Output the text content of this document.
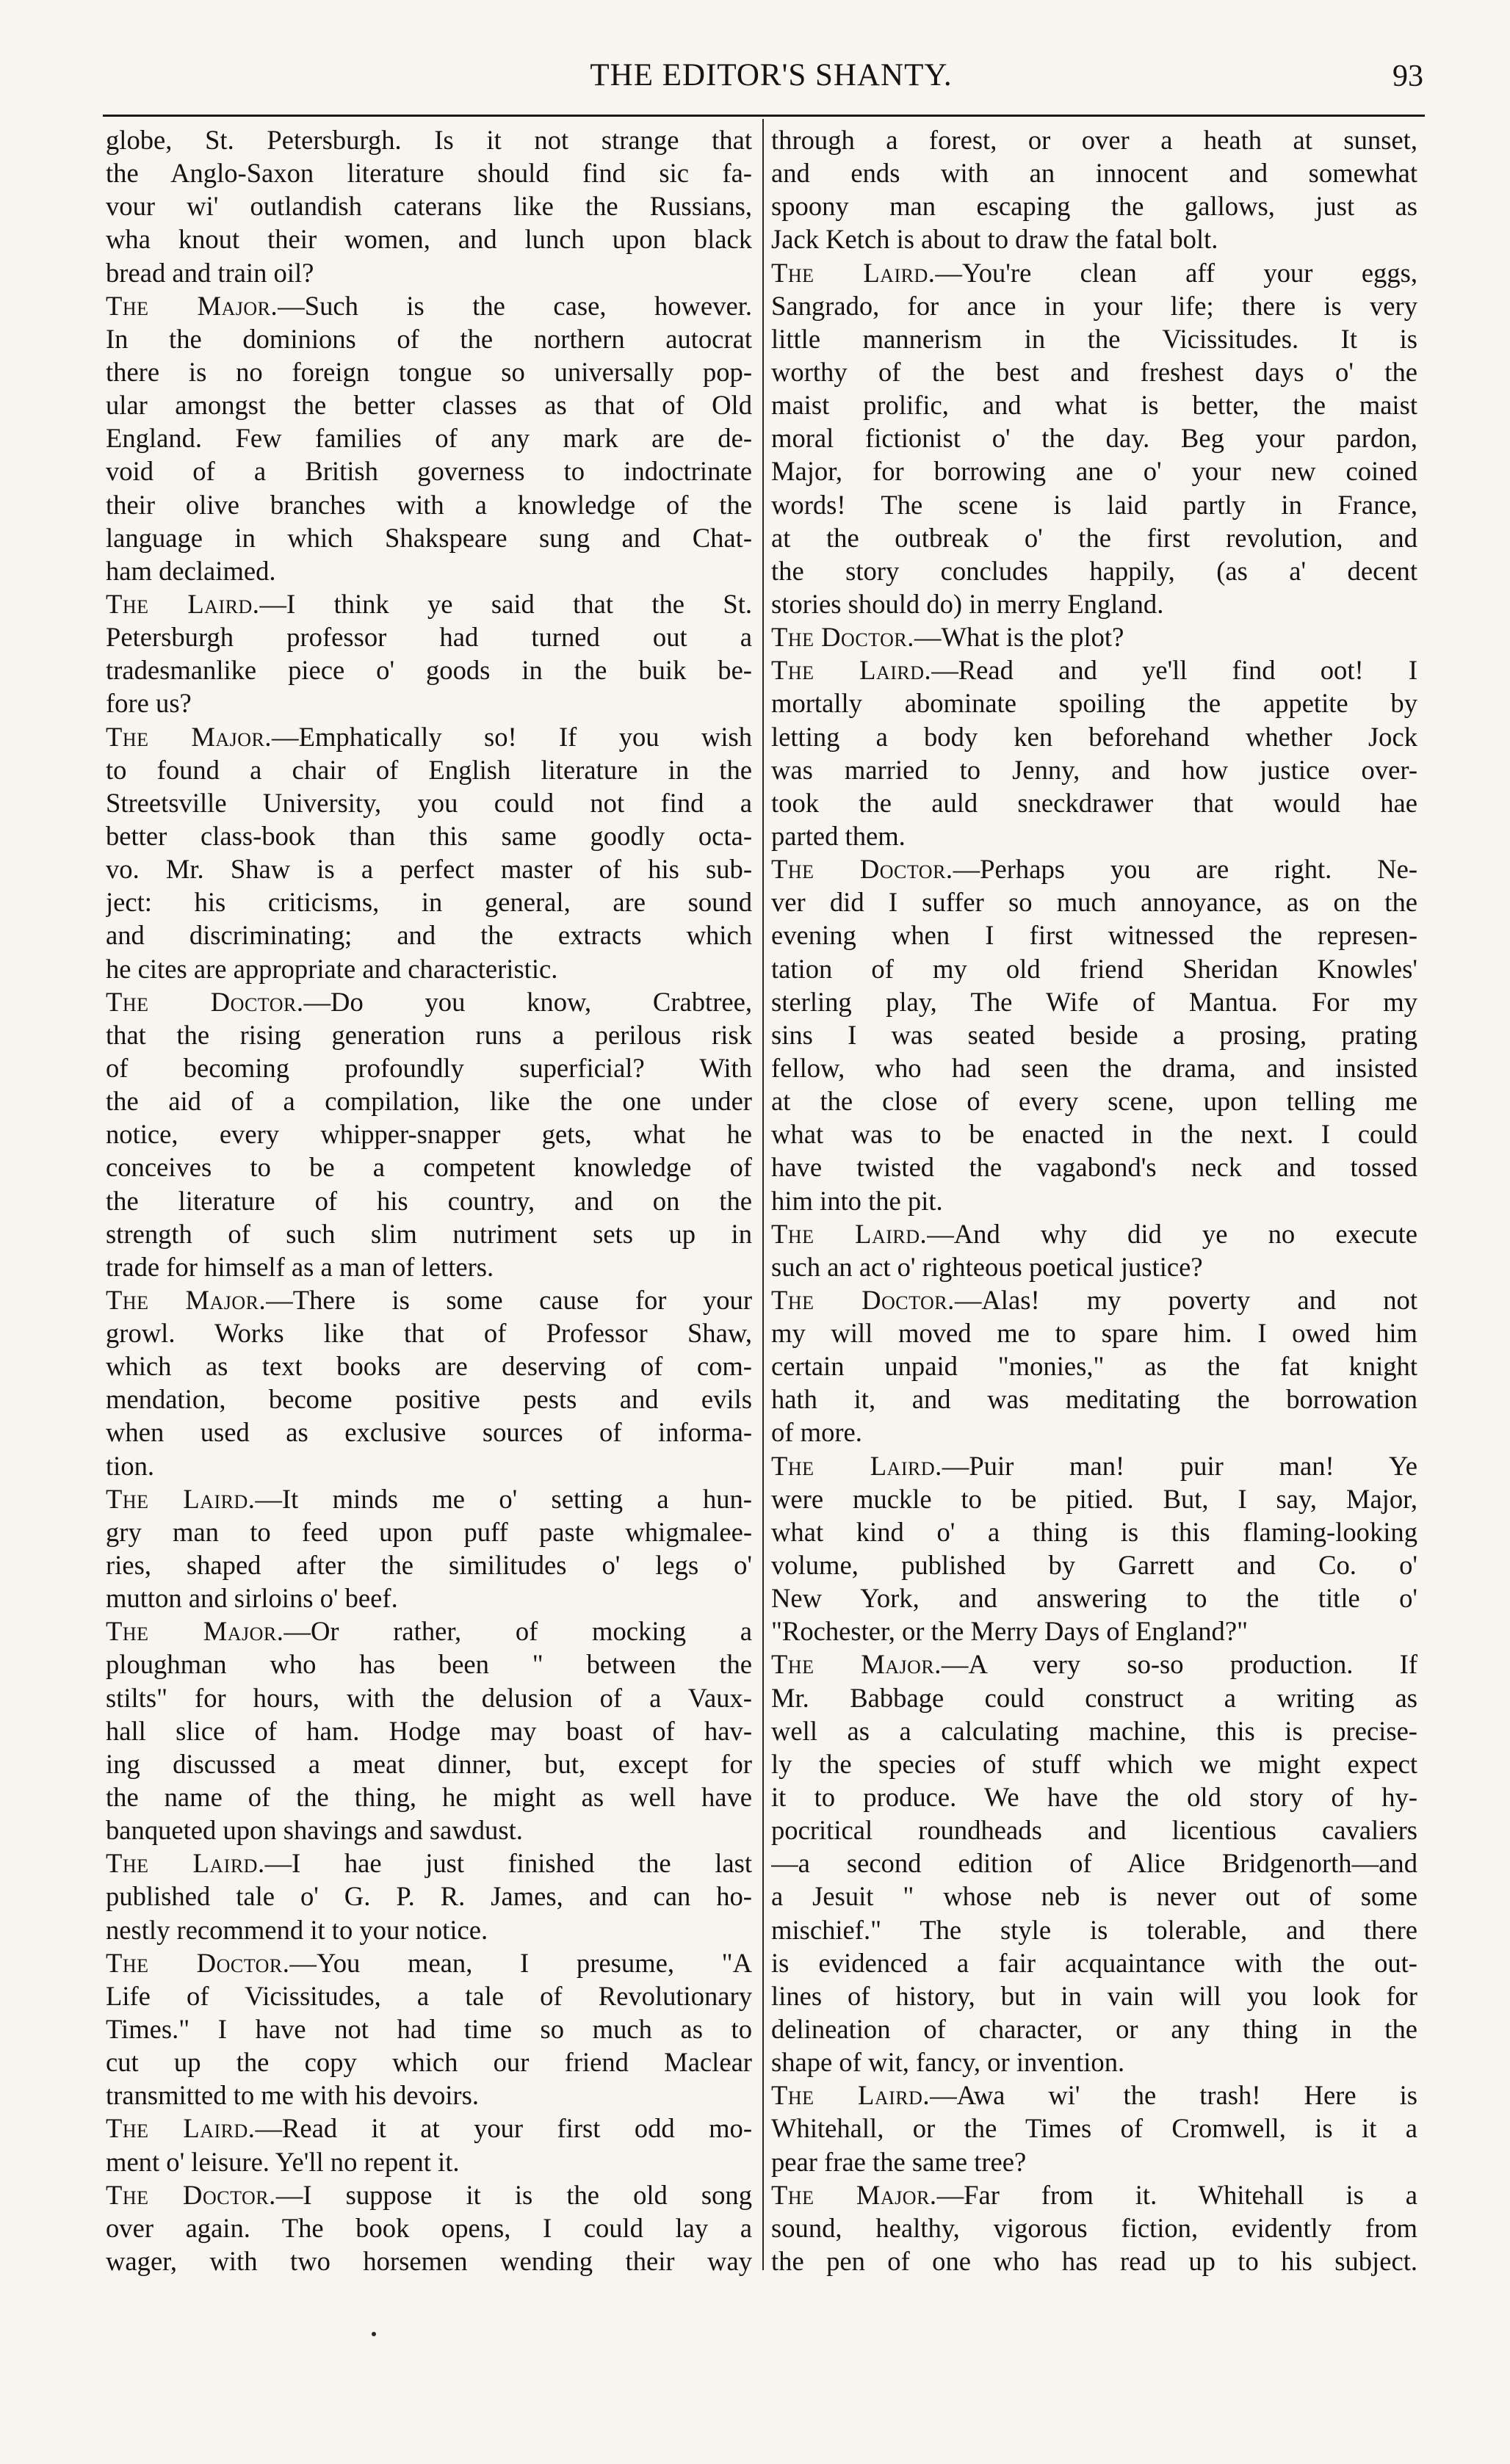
THE EDITOR'S SHANTY.	93
globe, St. Petersburgh. Is it not strange that
the Anglo-Saxon literature should find sic fa-
vour wi' outlandish caterans like the Russians,
wha knout their women, and lunch upon black
bread and train oil?
The Major.—Such is the case, however.
In the dominions of the northern autocrat
there is no foreign tongue so universally pop-
ular amongst the better classes as that of Old
England. Few families of any mark are de-
void of a British governess to indoctrinate
their olive branches with a knowledge of the
language in which Shakspeare sung and Chat-
ham declaimed.
The Laird.—I think ye said that the St.
Petersburgh professor had turned out a
tradesmanlike piece o' goods in the buik be-
fore us?
The Major.—Emphatically so! If you wish
to found a chair of English literature in the
Streetsville University, you could not find a
better class-book than this same goodly octa-
vo. Mr. Shaw is a perfect master of his sub-
ject: his criticisms, in general, are sound
and discriminating; and the extracts which
he cites are appropriate and characteristic.
The Doctor.—Do you know, Crabtree,
that the rising generation runs a perilous risk
of becoming profoundly superficial? With
the aid of a compilation, like the one under
notice, every whipper-snapper gets, what he
conceives to be a competent knowledge of
the literature of his country, and on the
strength of such slim nutriment sets up in
trade for himself as a man of letters.
The Major.—There is some cause for your
growl. Works like that of Professor Shaw,
which as text books are deserving of com-
mendation, become positive pests and evils
when used as exclusive sources of informa-
tion.
The Laird.—It minds me o' setting a hun-
gry man to feed upon puff paste whigmalee-
ries, shaped after the similitudes o' legs o'
mutton and sirloins o' beef.
The Major.—Or rather, of mocking a
ploughman who has been " between the
stilts" for hours, with the delusion of a Vaux-
hall slice of ham. Hodge may boast of hav-
ing discussed a meat dinner, but, except for
the name of the thing, he might as well have
banqueted upon shavings and sawdust.
The Laird.—I hae just finished the last
published tale o' G. P. R. James, and can ho-
nestly recommend it to your notice.
The Doctor.—You mean, I presume, "A
Life of Vicissitudes, a tale of Revolutionary
Times." I have not had time so much as to
cut up the copy which our friend Maclear
transmitted to me with his devoirs.
The Laird.—Read it at your first odd mo-
ment o' leisure. Ye'll no repent it.
The Doctor.—I suppose it is the old song
over again. The book opens, I could lay a
wager, with two horsemen wending their way
through a forest, or over a heath at sunset,
and ends with an innocent and somewhat
spoony man escaping the gallows, just as
Jack Ketch is about to draw the fatal bolt.
The Laird.—You're clean aff your eggs,
Sangrado, for ance in your life; there is very
little mannerism in the Vicissitudes. It is
worthy of the best and freshest days o' the
maist prolific, and what is better, the maist
moral fictionist o' the day. Beg your pardon,
Major, for borrowing ane o' your new coined
words! The scene is laid partly in France,
at the outbreak o' the first revolution, and
the story concludes happily, (as a' decent
stories should do) in merry England.
The Doctor.—What is the plot?
The Laird.—Read and ye'll find oot! I
mortally abominate spoiling the appetite by
letting a body ken beforehand whether Jock
was married to Jenny, and how justice over-
took the auld sneckdrawer that would hae
parted them.
The Doctor.—Perhaps you are right. Ne-
ver did I suffer so much annoyance, as on the
evening when I first witnessed the represen-
tation of my old friend Sheridan Knowles'
sterling play, The Wife of Mantua. For my
sins I was seated beside a prosing, prating
fellow, who had seen the drama, and insisted
at the close of every scene, upon telling me
what was to be enacted in the next. I could
have twisted the vagabond's neck and tossed
him into the pit.
The Laird.—And why did ye no execute
such an act o' righteous poetical justice?
The Doctor.—Alas! my poverty and not
my will moved me to spare him. I owed him
certain unpaid "monies," as the fat knight
hath it, and was meditating the borrowation
of more.
The Laird.—Puir man! puir man! Ye
were muckle to be pitied. But, I say, Major,
what kind o' a thing is this flaming-looking
volume, published by Garrett and Co. o'
New York, and answering to the title o'
"Rochester, or the Merry Days of England?"
The Major.—A very so-so production. If
Mr. Babbage could construct a writing as
well as a calculating machine, this is precise-
ly the species of stuff which we might expect
it to produce. We have the old story of hy-
pocritical roundheads and licentious cavaliers
—a second edition of Alice Bridgenorth—and
a Jesuit " whose neb is never out of some
mischief." The style is tolerable, and there
is evidenced a fair acquaintance with the out-
lines of history, but in vain will you look for
delineation of character, or any thing in the
shape of wit, fancy, or invention.
The Laird.—Awa wi' the trash! Here is
Whitehall, or the Times of Cromwell, is it a
pear frae the same tree?
The Major.—Far from it. Whitehall is a
sound, healthy, vigorous fiction, evidently from
the pen of one who has read up to his subject.
